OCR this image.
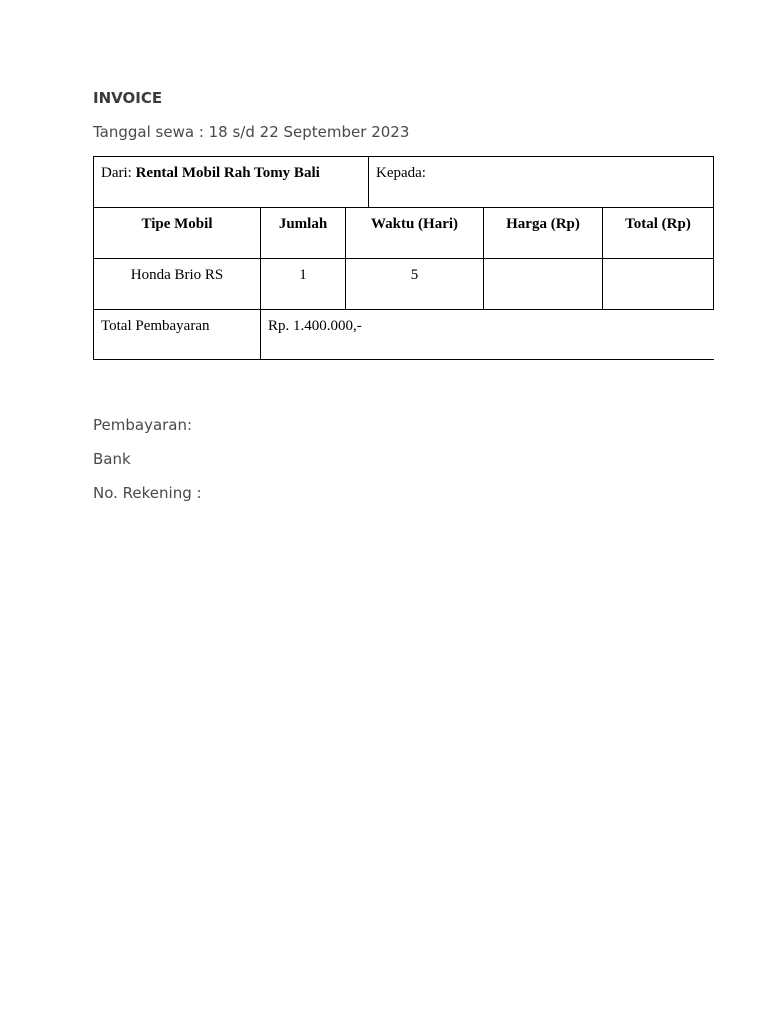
INVOICE
Tanggal sewa : 18 s/d 22 September 2023
Dari: Rental Mobil Rah Tomy Bali	Kepada:
Tipe Mobil	Jumlah	Waktu (Hari)	Harga (Rp)	Total (Rp)
Honda Brio RS	1	5
Total Pembayaran	Rp. 1.400.000,-
Pembayaran:
Bank
No. Rekening :
